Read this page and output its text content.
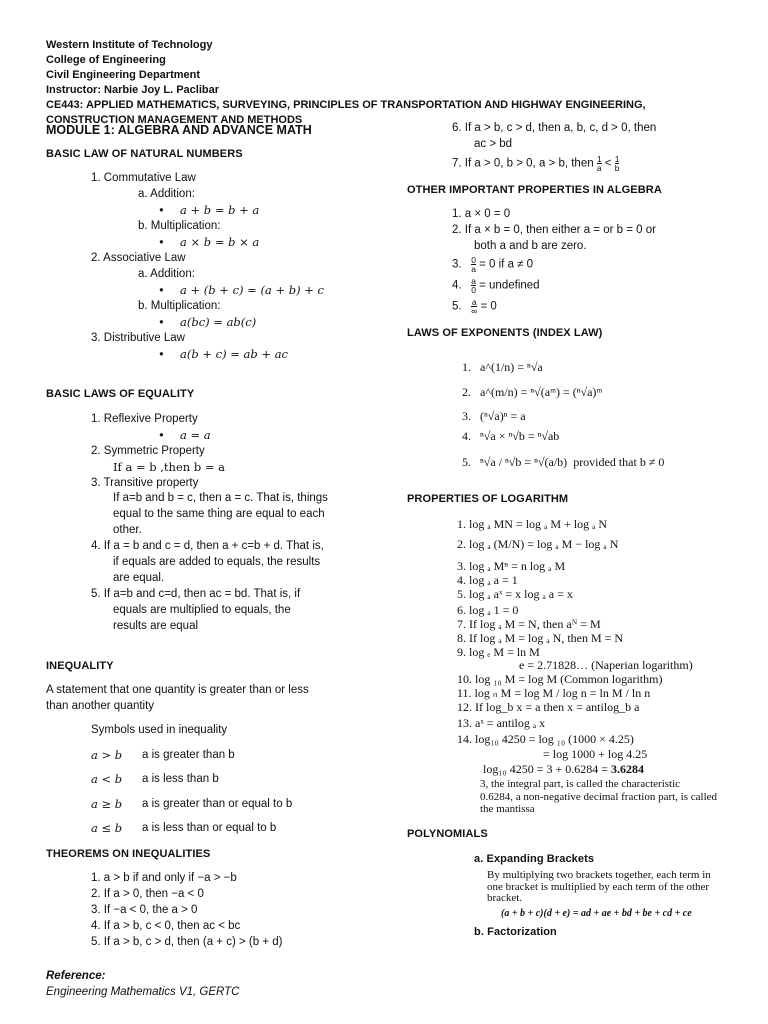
Western Institute of Technology
College of Engineering
Civil Engineering Department
Instructor: Narbie Joy L. Paclibar
CE443: APPLIED MATHEMATICS, SURVEYING, PRINCIPLES OF TRANSPORTATION AND HIGHWAY ENGINEERING,
CONSTRUCTION MANAGEMENT AND METHODS
MODULE 1: ALGEBRA AND ADVANCE MATH
BASIC LAW OF NATURAL NUMBERS
1. Commutative Law
a. Addition:
• a + b = b + a
b. Multiplication:
• a × b = b × a
2. Associative Law
a. Addition:
• a + (b + c) = (a + b) + c
b. Multiplication:
• a(bc) = ab(c)
3. Distributive Law
• a(b + c) = ab + ac
BASIC LAWS OF EQUALITY
1. Reflexive Property
• a = a
2. Symmetric Property
If a = b ,then b = a
3. Transitive property
If a=b and b = c, then a = c. That is, things
equal to the same thing are equal to each
other.
4. If a = b and c = d, then a + c=b + d. That is,
if equals are added to equals, the results
are equal.
5. If a=b and c=d, then ac = bd. That is, if
equals are multiplied to equals, the
results are equal
INEQUALITY
A statement that one quantity is greater than or less
than another quantity
Symbols used in inequality
a > b a is greater than b
a < b a is less than b
a ≥ b a is greater than or equal to b
a ≤ b a is less than or equal to b
THEOREMS ON INEQUALITIES
1. a > b if and only if −a > −b
2. If a > 0, then −a < 0
3. If −a < 0, the a > 0
4. If a > b, c < 0, then ac < bc
5. If a > b, c > d, then (a + c) > (b + d)
Reference:
Engineering Mathematics V1, GERTC
6. If a > b, c > d, then a, b, c, d > 0, then
ac > bd
7. If a > 0, b > 0, a > b, then $\frac{1}{a} < \frac{1}{b}$
OTHER IMPORTANT PROPERTIES IN ALGEBRA
1. a × 0 = 0
2. If a × b = 0, then either a = or b = 0 or
both a and b are zero.
3. $\frac{0}{a} = 0$ if a ≠ 0
4. $\frac{a}{0}$ = undefined
5. $\frac{a}{\infty} = 0$
LAWS OF EXPONENTS (INDEX LAW)
1. a^(1/n) = ⁿ√a
2. a^(m/n) = ⁿ√(aᵐ) = (ⁿ√a)ᵐ
3. (ⁿ√a)ⁿ = a
4. ⁿ√a × ⁿ√b = ⁿ√ab
5. ⁿ√a / ⁿ√b = ⁿ√(a/b) provided that b ≠ 0
PROPERTIES OF LOGARITHM
1. log ₐ MN = log ₐ M + log ₐ N
2. log ₐ (M/N) = log ₐ M − log ₐ N
3. log ₐ Mⁿ = n log ₐ M
4. log ₐ a = 1
5. log ₐ aˣ = x log ₐ a = x
6. log ₐ 1 = 0
7. If log ₐ M = N, then aᴺ = M
8. If log ₐ M = log ₐ N, then M = N
9. log ₑ M = ln M
e = 2.71828… (Naperian logarithm)
10. log ₁₀ M = log M (Common logarithm)
11. log ₙ M = log M / log n = ln M / ln n
12. If log_b x = a then x = antilog_b a
13. aˣ = antilog ₐ x
14. log₁₀ 4250 = log ₁₀ (1000 × 4.25)
= log 1000 + log 4.25
log₁₀ 4250 = 3 + 0.6284 = 3.6284
3, the integral part, is called the characteristic
0.6284, a non-negative decimal fraction part, is called
the mantissa
POLYNOMIALS
a. Expanding Brackets
By multiplying two brackets together, each term in
one bracket is multiplied by each term of the other
bracket.
(a + b + c)(d + e) = ad + ae + bd + be + cd + ce
b. Factorization
